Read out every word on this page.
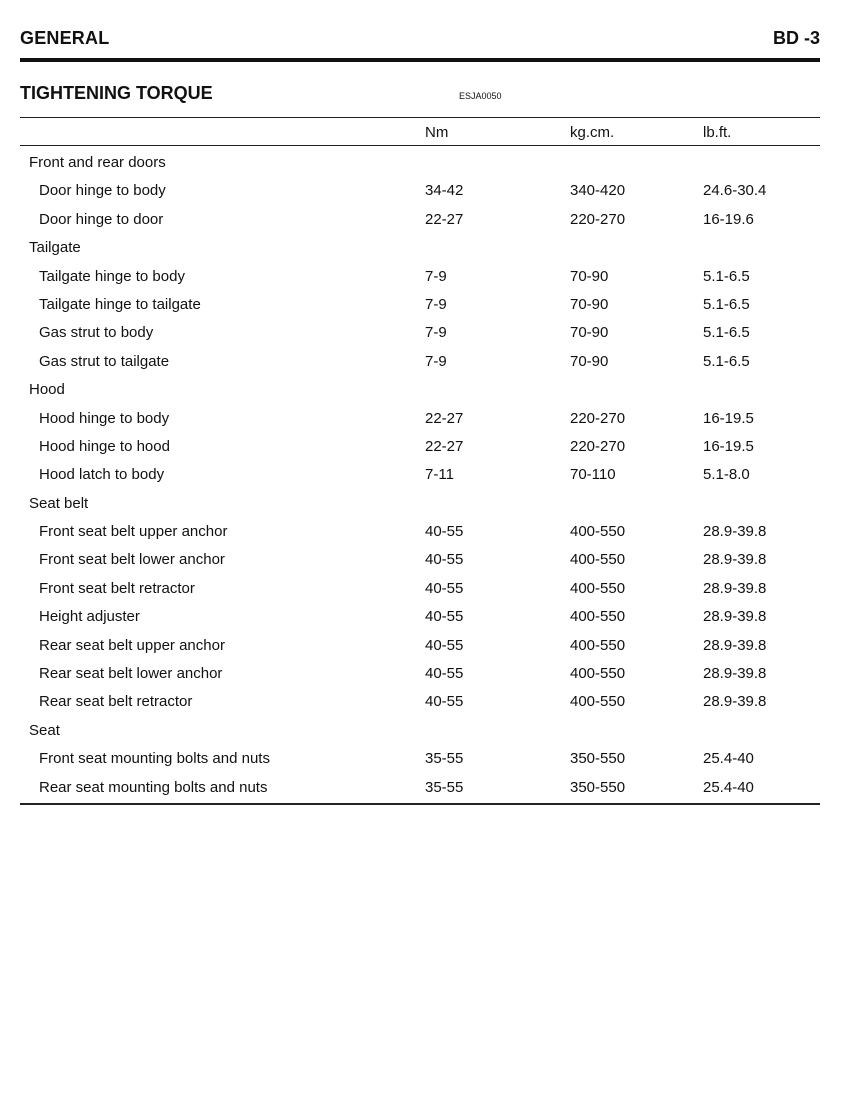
GENERAL	BD -3
TIGHTENING TORQUE	ESJA0050
Nm	kg.cm.	lb.ft.
Front and rear doors
Door hinge to body	34-42	340-420	24.6-30.4
Door hinge to door	22-27	220-270	16-19.6
Tailgate
Tailgate hinge to body	7-9	70-90	5.1-6.5
Tailgate hinge to tailgate	7-9	70-90	5.1-6.5
Gas strut to body	7-9	70-90	5.1-6.5
Gas strut to tailgate	7-9	70-90	5.1-6.5
Hood
Hood hinge to body	22-27	220-270	16-19.5
Hood hinge to hood	22-27	220-270	16-19.5
Hood latch to body	7-11	70-110	5.1-8.0
Seat belt
Front seat belt upper anchor	40-55	400-550	28.9-39.8
Front seat belt lower anchor	40-55	400-550	28.9-39.8
Front seat belt retractor	40-55	400-550	28.9-39.8
Height adjuster	40-55	400-550	28.9-39.8
Rear seat belt upper anchor	40-55	400-550	28.9-39.8
Rear seat belt lower anchor	40-55	400-550	28.9-39.8
Rear seat belt retractor	40-55	400-550	28.9-39.8
Seat
Front seat mounting bolts and nuts	35-55	350-550	25.4-40
Rear seat mounting bolts and nuts	35-55	350-550	25.4-40
